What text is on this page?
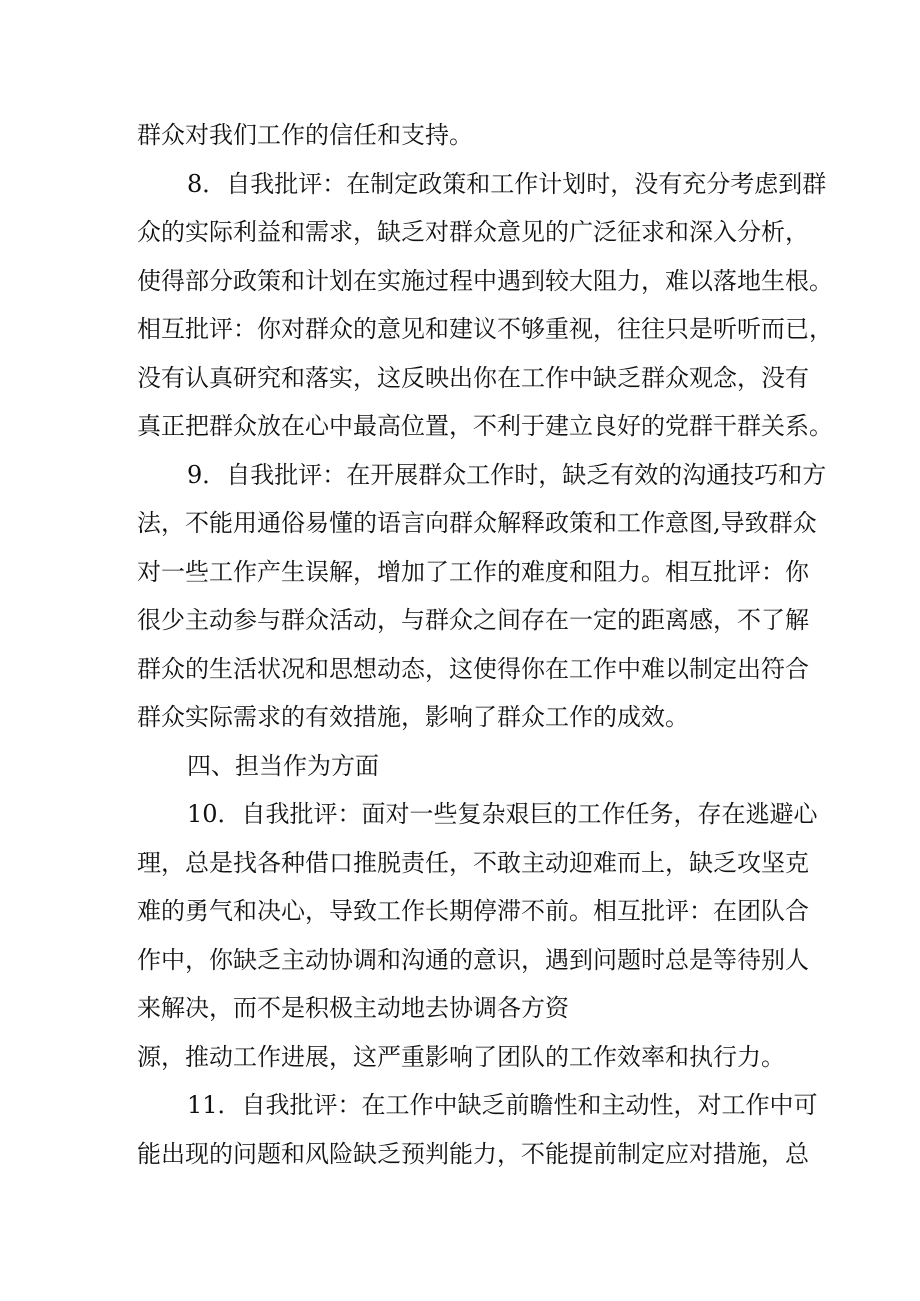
群众对我们工作的信任和支持。
8．自我批评：在制定政策和工作计划时，没有充分考虑到群
众的实际利益和需求，缺乏对群众意见的广泛征求和深入分析，
使得部分政策和计划在实施过程中遇到较大阻力，难以落地生根。
相互批评：你对群众的意见和建议不够重视，往往只是听听而已，
没有认真研究和落实，这反映出你在工作中缺乏群众观念，没有
真正把群众放在心中最高位置，不利于建立良好的党群干群关系。
9．自我批评：在开展群众工作时，缺乏有效的沟通技巧和方
法，不能用通俗易懂的语言向群众解释政策和工作意图,导致群众
对一些工作产生误解，增加了工作的难度和阻力。相互批评：你
很少主动参与群众活动，与群众之间存在一定的距离感，不了解
群众的生活状况和思想动态，这使得你在工作中难以制定出符合
群众实际需求的有效措施，影响了群众工作的成效。
四、担当作为方面
10．自我批评：面对一些复杂艰巨的工作任务，存在逃避心
理，总是找各种借口推脱责任，不敢主动迎难而上，缺乏攻坚克
难的勇气和决心，导致工作长期停滞不前。相互批评：在团队合
作中，你缺乏主动协调和沟通的意识，遇到问题时总是等待别人
来解决，而不是积极主动地去协调各方资
源，推动工作进展，这严重影响了团队的工作效率和执行力。
11．自我批评：在工作中缺乏前瞻性和主动性，对工作中可
能出现的问题和风险缺乏预判能力，不能提前制定应对措施，总
